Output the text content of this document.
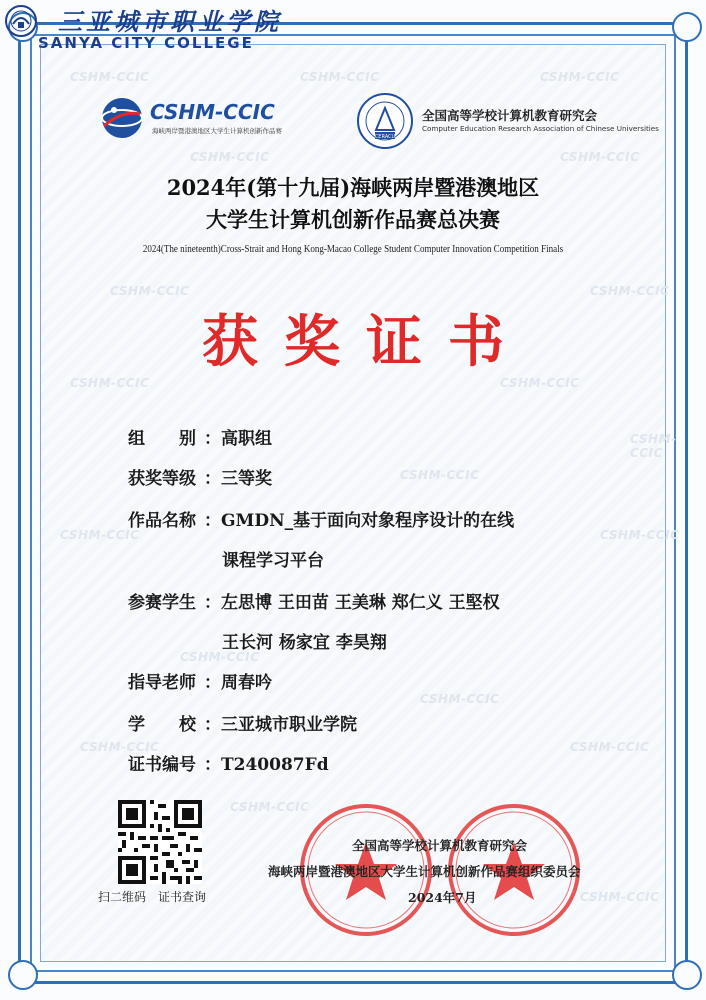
CSHM-CCIC	CSHM-CCIC	CSHM-CCIC
CSHM-CCIC	CSHM-CCIC
CSHM-CCIC	CSHM-CCIC
CSHM-CCIC	CSHM-CCIC
CSHM-CCIC
CSHM-CCIC
CSHM-CCIC	CSHM-CCIC
CSHM-CCIC
CSHM-CCIC
CSHM-CCIC	CSHM-CCIC
CSHM-CCIC
CSHM-CCIC
三亚城市职业学院
SANYA CITY COLLEGE
CSHM-CCIC
海峡两岸暨港澳地区大学生计算机创新作品赛
CERACU
全国高等学校计算机教育研究会
Computer Education Research Association of Chinese Universities
2024年(第十九届)海峡两岸暨港澳地区
大学生计算机创新作品赛总决赛
2024(The nineteenth)Cross-Strait and Hong Kong-Macao College Student Computer Innovation Competition Finals
获奖证书
组　　别 ：高职组
获奖等级 ：三等奖
作品名称 ：GMDN_基于面向对象程序设计的在线
课程学习平台
参赛学生 ：左思博 王田苗 王美琳 郑仁义 王堅权
王长河 杨家宜 李昊翔
指导老师 ：周春吟
学　　校 ：三亚城市职业学院
证书编号 ：T240087Fd
扫二维码　证书查询
全国高等学校计算机教育研究会
海峡两岸暨港澳地区大学生计算机创新作品赛组织委员会
2024年7月
